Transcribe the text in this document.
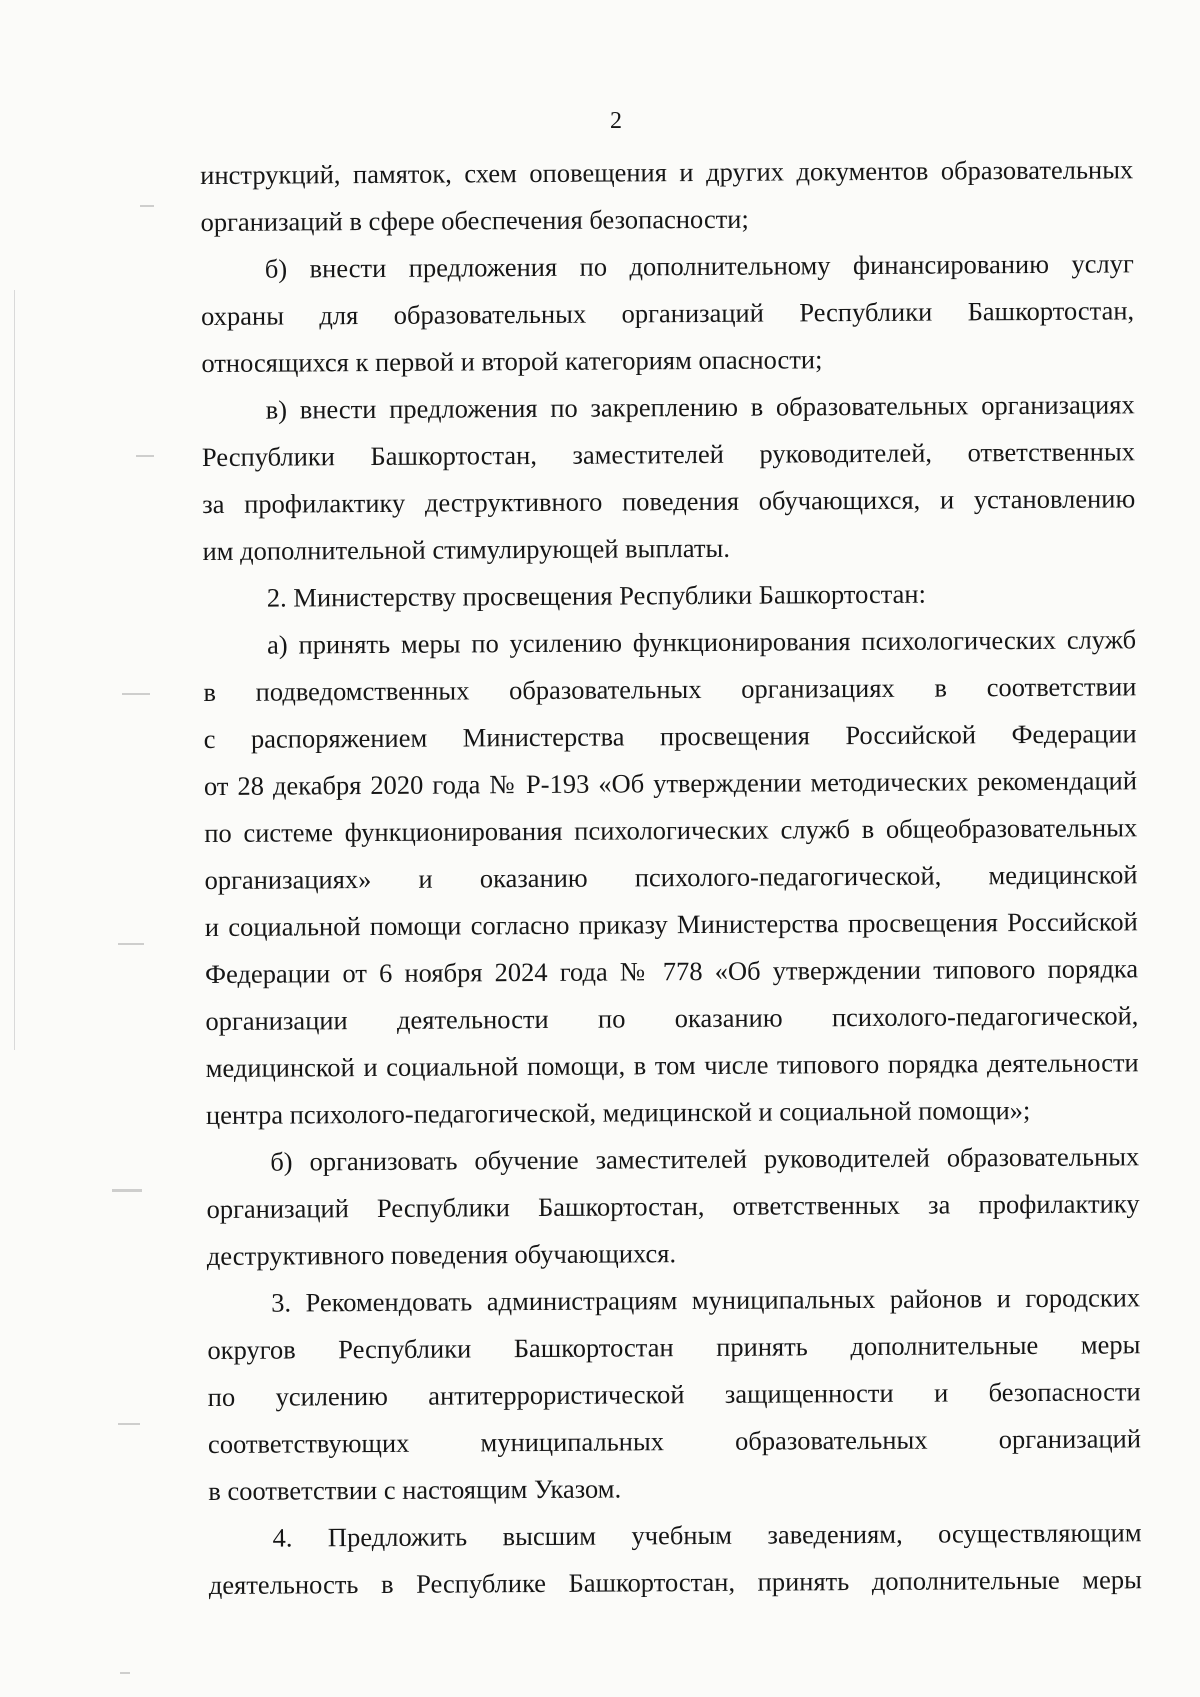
2
инструкций, памяток, схем оповещения и других документов образовательных
организаций в сфере обеспечения безопасности;
б) внести предложения по дополнительному финансированию услуг
охраны для образовательных организаций Республики Башкортостан,
относящихся к первой и второй категориям опасности;
в) внести предложения по закреплению в образовательных организациях
Республики Башкортостан, заместителей руководителей, ответственных
за профилактику деструктивного поведения обучающихся, и установлению
им дополнительной стимулирующей выплаты.
2. Министерству просвещения Республики Башкортостан:
а) принять меры по усилению функционирования психологических служб
в подведомственных образовательных организациях в соответствии
с распоряжением Министерства просвещения Российской Федерации
от 28 декабря 2020 года № Р-193 «Об утверждении методических рекомендаций
по системе функционирования психологических служб в общеобразовательных
организациях» и оказанию психолого-педагогической, медицинской
и социальной помощи согласно приказу Министерства просвещения Российской
Федерации от 6 ноября 2024 года № 778 «Об утверждении типового порядка
организации деятельности по оказанию психолого-педагогической,
медицинской и социальной помощи, в том числе типового порядка деятельности
центра психолого-педагогической, медицинской и социальной помощи»;
б) организовать обучение заместителей руководителей образовательных
организаций Республики Башкортостан, ответственных за профилактику
деструктивного поведения обучающихся.
3. Рекомендовать администрациям муниципальных районов и городских
округов Республики Башкортостан принять дополнительные меры
по усилению антитеррористической защищенности и безопасности
соответствующих муниципальных образовательных организаций
в соответствии с настоящим Указом.
4. Предложить высшим учебным заведениям, осуществляющим
деятельность в Республике Башкортостан, принять дополнительные меры
